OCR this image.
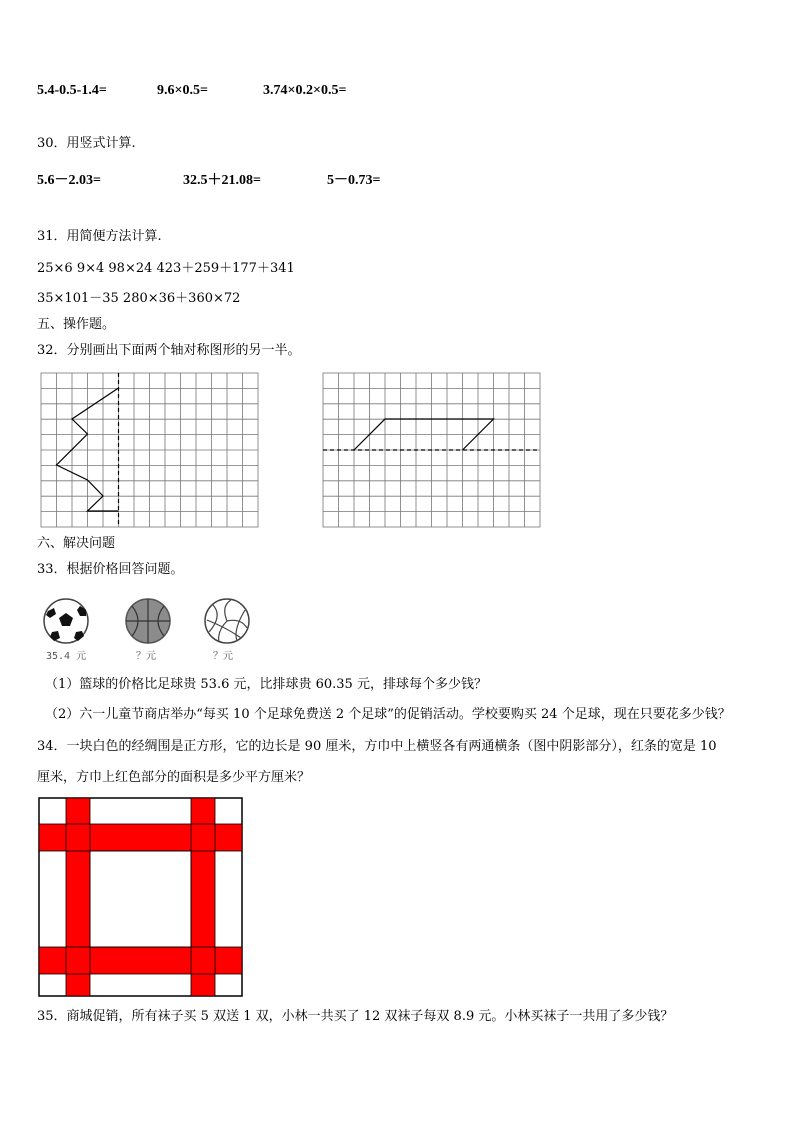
5.4-0.5-1.4=	9.6×0.5=	3.74×0.2×0.5=
30．用竖式计算.
5.6－2.03=	32.5＋21.08=	5－0.73=
31．用简便方法计算.
25×6 9×4 98×24 423＋259＋177＋341
35×101－35 280×36＋360×72
五、操作题。
32．分别画出下面两个轴对称图形的另一半。
六、解决问题
33．根据价格回答问题。
35.4 元	？元	？元
（1）篮球的价格比足球贵 53.6 元，比排球贵 60.35 元，排球每个多少钱？
（2）六一儿童节商店举办“每买 10 个足球免费送 2 个足球”的促销活动。学校要购买 24 个足球，现在只要花多少钱？
34．一块白色的经绸围是正方形，它的边长是 90 厘米，方巾中上横竖各有两通横条（图中阴影部分），红条的宽是 10
厘米，方巾上红色部分的面积是多少平方厘米？
35．商城促销，所有袜子买 5 双送 1 双，小林一共买了 12 双袜子每双 8.9 元。小林买袜子一共用了多少钱？
